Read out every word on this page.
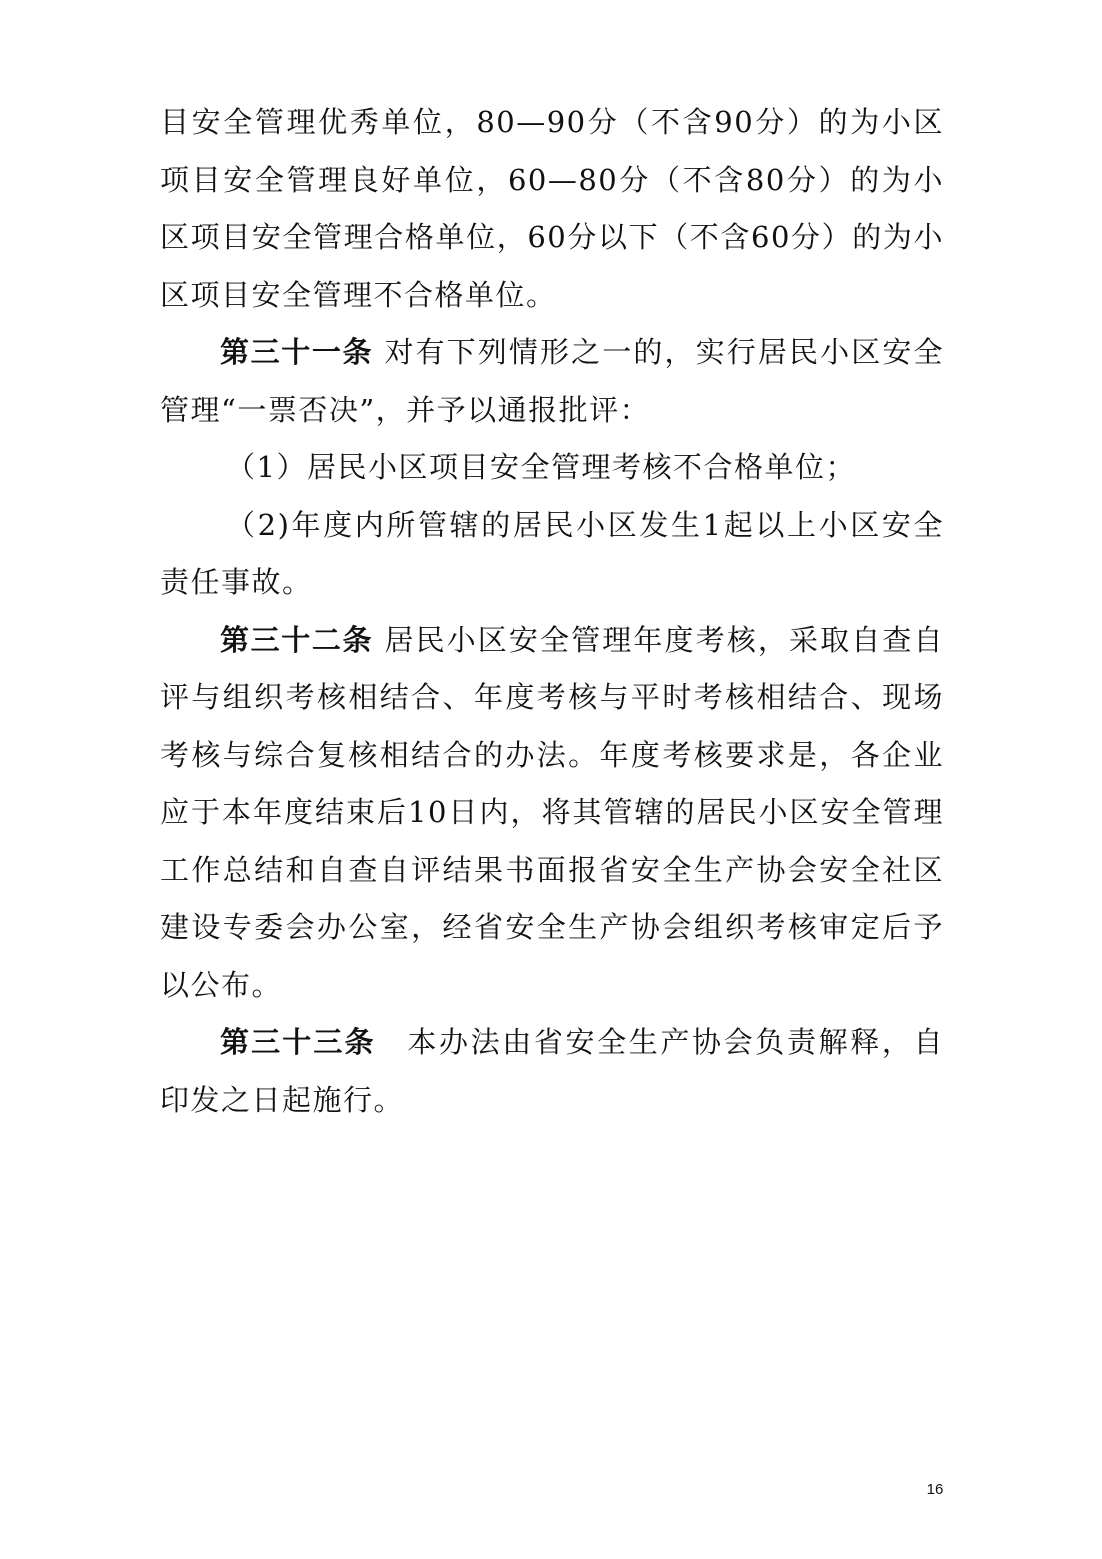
目安全管理优秀单位，80—90分（不含90分）的为小区项目安全管理良好单位，60—80分（不含80分）的为小区项目安全管理合格单位，60分以下（不含60分）的为小区项目安全管理不合格单位。

第三十一条 对有下列情形之一的，实行居民小区安全管理“一票否决”，并予以通报批评：

（1）居民小区项目安全管理考核不合格单位；

（2)年度内所管辖的居民小区发生1起以上小区安全责任事故。

第三十二条 居民小区安全管理年度考核，采取自查自评与组织考核相结合、年度考核与平时考核相结合、现场考核与综合复核相结合的办法。年度考核要求是，各企业应于本年度结束后10日内，将其管辖的居民小区安全管理工作总结和自查自评结果书面报省安全生产协会安全社区建设专委会办公室，经省安全生产协会组织考核审定后予以公布。

第三十三条　本办法由省安全生产协会负责解释，自印发之日起施行。

16
